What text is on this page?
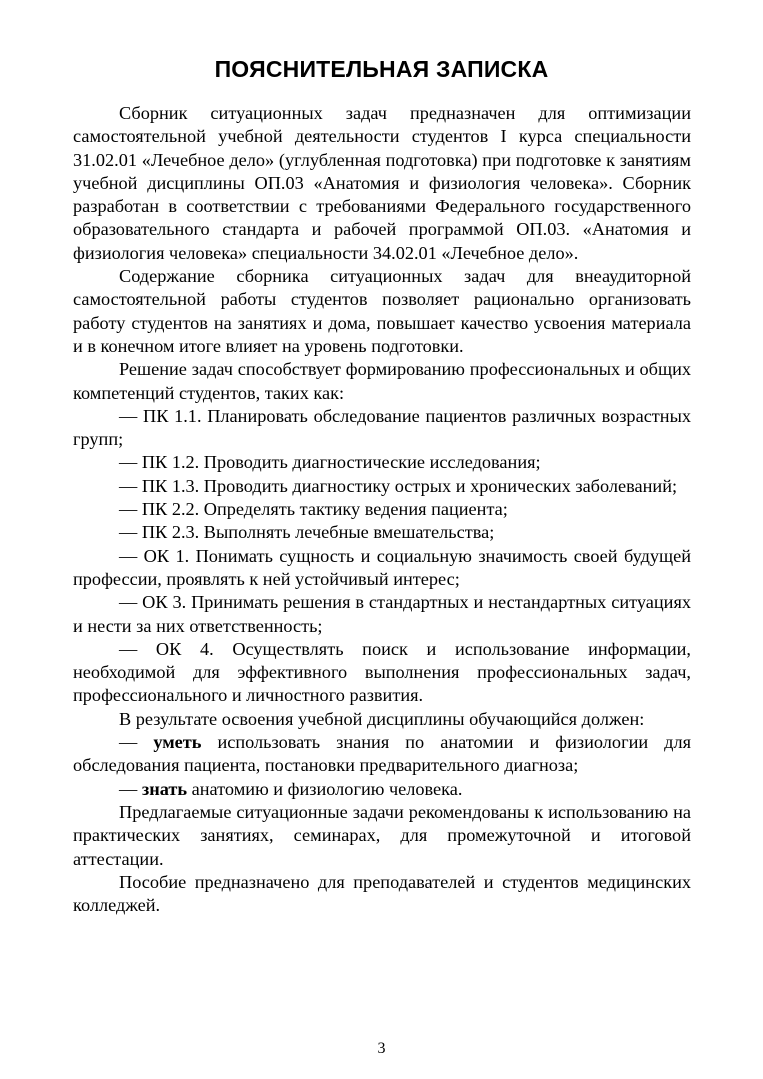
ПОЯСНИТЕЛЬНАЯ ЗАПИСКА

Сборник ситуационных задач предназначен для оптимизации самостоятельной учебной деятельности студентов I курса специальности 31.02.01 «Лечебное дело» (углубленная подготовка) при подготовке к занятиям учебной дисциплины ОП.03 «Анатомия и физиология человека». Сборник разработан в соответствии с требованиями Федерального государственного образовательного стандарта и рабочей программой ОП.03. «Анатомия и физиология человека» специальности 34.02.01 «Лечебное дело».

Содержание сборника ситуационных задач для внеаудиторной самостоятельной работы студентов позволяет рационально организовать работу студентов на занятиях и дома, повышает качество усвоения материала и в конечном итоге влияет на уровень подготовки.

Решение задач способствует формированию профессиональных и общих компетенций студентов, таких как:

— ПК 1.1. Планировать обследование пациентов различных возрастных групп;

— ПК 1.2. Проводить диагностические исследования;

— ПК 1.3. Проводить диагностику острых и хронических заболеваний;

— ПК 2.2. Определять тактику ведения пациента;

— ПК 2.3. Выполнять лечебные вмешательства;

— ОК 1. Понимать сущность и социальную значимость своей будущей профессии, проявлять к ней устойчивый интерес;

— ОК 3. Принимать решения в стандартных и нестандартных ситуациях и нести за них ответственность;

— ОК 4. Осуществлять поиск и использование информации, необходимой для эффективного выполнения профессиональных задач, профессионального и личностного развития.

В результате освоения учебной дисциплины обучающийся должен:

— уметь использовать знания по анатомии и физиологии для обследования пациента, постановки предварительного диагноза;

— знать анатомию и физиологию человека.

Предлагаемые ситуационные задачи рекомендованы к использованию на практических занятиях, семинарах, для промежуточной и итоговой аттестации.

Пособие предназначено для преподавателей и студентов медицинских колледжей.

3
